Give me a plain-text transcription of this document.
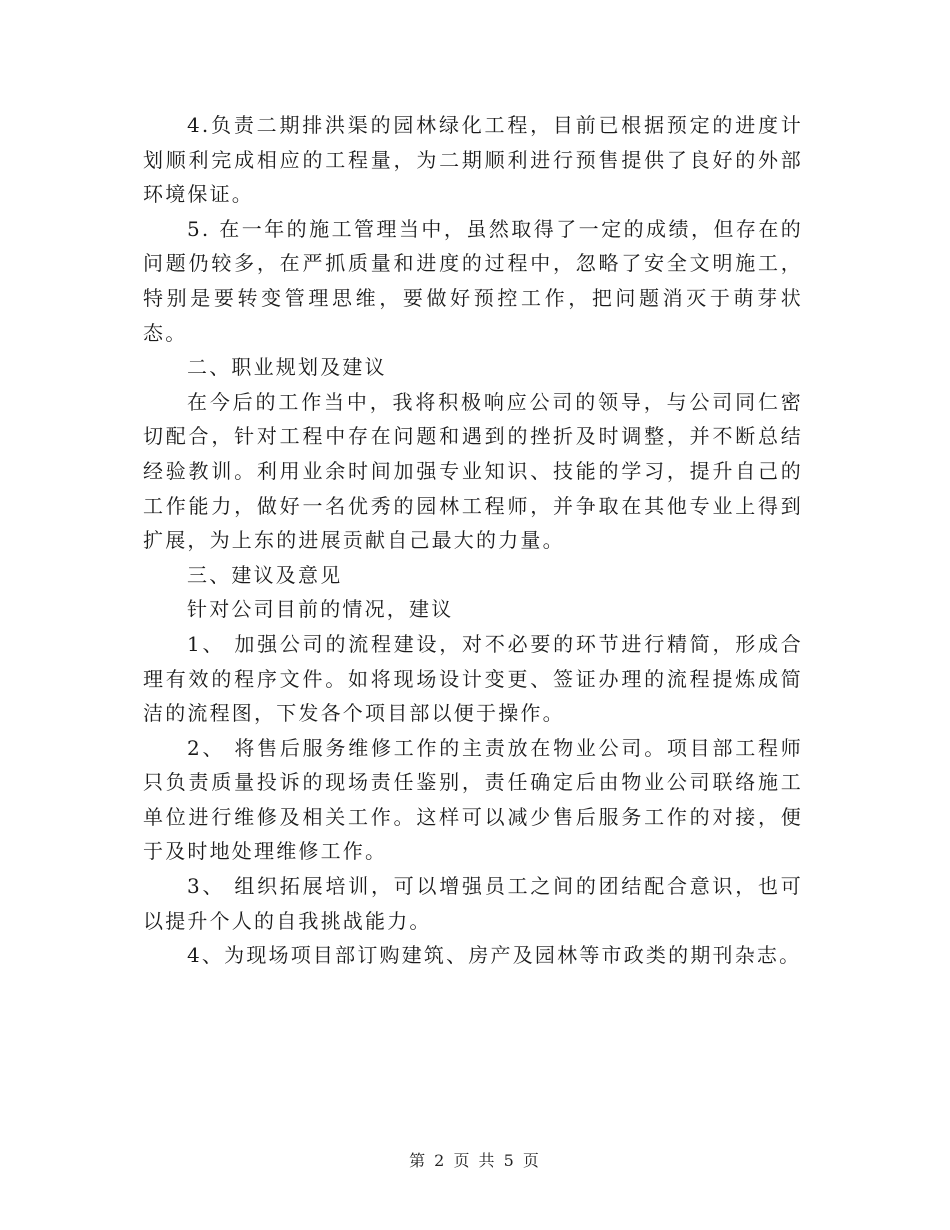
4.负责二期排洪渠的园林绿化工程，目前已根据预定的进度计划顺利完成相应的工程量，为二期顺利进行预售提供了良好的外部环境保证。

5. 在一年的施工管理当中，虽然取得了一定的成绩，但存在的问题仍较多，在严抓质量和进度的过程中，忽略了安全文明施工，特别是要转变管理思维，要做好预控工作，把问题消灭于萌芽状态。

二、职业规划及建议

在今后的工作当中，我将积极响应公司的领导，与公司同仁密切配合，针对工程中存在问题和遇到的挫折及时调整，并不断总结经验教训。利用业余时间加强专业知识、技能的学习，提升自己的工作能力，做好一名优秀的园林工程师，并争取在其他专业上得到扩展，为上东的进展贡献自己最大的力量。

三、建议及意见

针对公司目前的情况，建议

1、 加强公司的流程建设，对不必要的环节进行精简，形成合理有效的程序文件。如将现场设计变更、签证办理的流程提炼成简洁的流程图，下发各个项目部以便于操作。

2、 将售后服务维修工作的主责放在物业公司。项目部工程师只负责质量投诉的现场责任鉴别，责任确定后由物业公司联络施工单位进行维修及相关工作。这样可以减少售后服务工作的对接，便于及时地处理维修工作。

3、 组织拓展培训，可以增强员工之间的团结配合意识，也可以提升个人的自我挑战能力。

4、为现场项目部订购建筑、房产及园林等市政类的期刊杂志。

第 2 页 共 5 页
